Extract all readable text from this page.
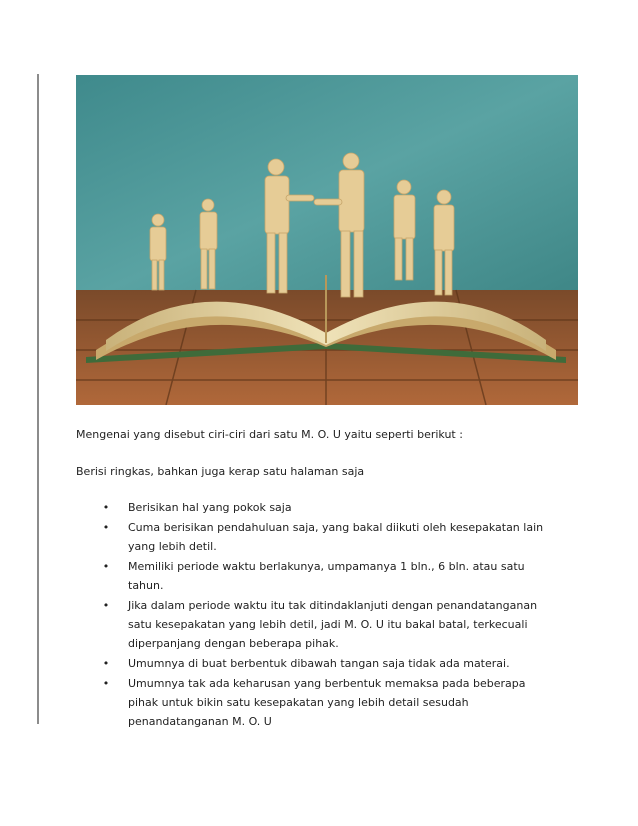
Mengenai yang disebut ciri-ciri dari satu M. O. U yaitu seperti berikut :

Berisi ringkas, bahkan juga kerap satu halaman saja

• Berisikan hal yang pokok saja
• Cuma berisikan pendahuluan saja, yang bakal diikuti oleh kesepakatan lain yang lebih detil.
• Memiliki periode waktu berlakunya, umpamanya 1 bln., 6 bln. atau satu tahun.
• Jika dalam periode waktu itu tak ditindaklanjuti dengan penandatanganan satu kesepakatan yang lebih detil, jadi M. O. U itu bakal batal, terkecuali diperpanjang dengan beberapa pihak.
• Umumnya di buat berbentuk dibawah tangan saja tidak ada materai.
• Umumnya tak ada keharusan yang berbentuk memaksa pada beberapa pihak untuk bikin satu kesepakatan yang lebih detail sesudah penandatanganan M. O. U
